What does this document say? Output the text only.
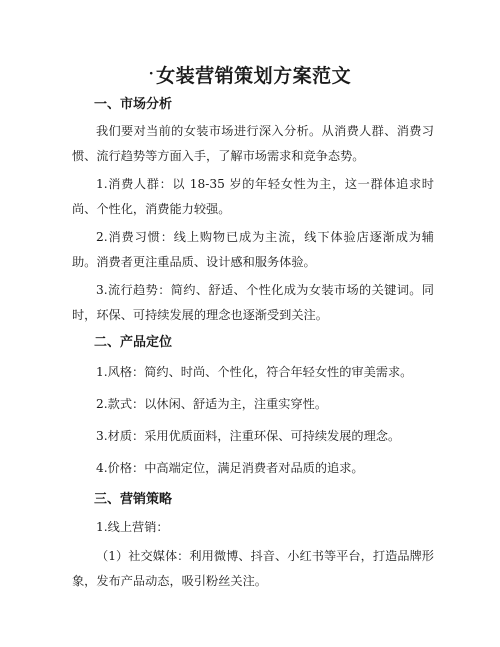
· 女装营销策划方案范文
一、市场分析
我们要对当前的女装市场进行深入分析。从消费人群、消费习惯、流行趋势等方面入手，了解市场需求和竞争态势。
1.消费人群：以 18-35 岁的年轻女性为主，这一群体追求时尚、个性化，消费能力较强。
2.消费习惯：线上购物已成为主流，线下体验店逐渐成为辅助。消费者更注重品质、设计感和服务体验。
3.流行趋势：简约、舒适、个性化成为女装市场的关键词。同时，环保、可持续发展的理念也逐渐受到关注。
二、产品定位
1.风格：简约、时尚、个性化，符合年轻女性的审美需求。
2.款式：以休闲、舒适为主，注重实穿性。
3.材质：采用优质面料，注重环保、可持续发展的理念。
4.价格：中高端定位，满足消费者对品质的追求。
三、营销策略
1.线上营销：
（1）社交媒体：利用微博、抖音、小红书等平台，打造品牌形象，发布产品动态，吸引粉丝关注。
